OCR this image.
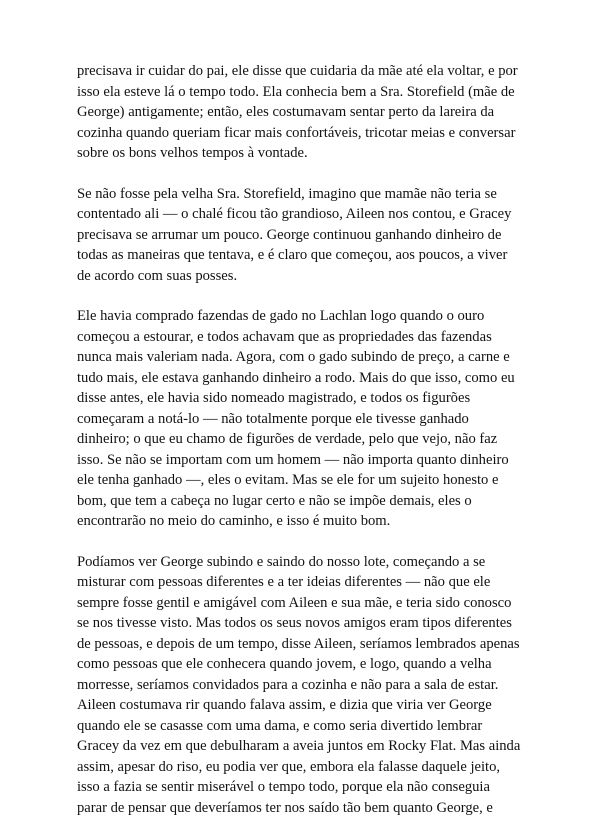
precisava ir cuidar do pai, ele disse que cuidaria da mãe até ela voltar, e por
isso ela esteve lá o tempo todo. Ela conhecia bem a Sra. Storefield (mãe de
George) antigamente; então, eles costumavam sentar perto da lareira da
cozinha quando queriam ficar mais confortáveis, tricotar meias e conversar
sobre os bons velhos tempos à vontade.

Se não fosse pela velha Sra. Storefield, imagino que mamãe não teria se
contentado ali — o chalé ficou tão grandioso, Aileen nos contou, e Gracey
precisava se arrumar um pouco. George continuou ganhando dinheiro de
todas as maneiras que tentava, e é claro que começou, aos poucos, a viver
de acordo com suas posses.

Ele havia comprado fazendas de gado no Lachlan logo quando o ouro
começou a estourar, e todos achavam que as propriedades das fazendas
nunca mais valeriam nada. Agora, com o gado subindo de preço, a carne e
tudo mais, ele estava ganhando dinheiro a rodo. Mais do que isso, como eu
disse antes, ele havia sido nomeado magistrado, e todos os figurões
começaram a notá-lo — não totalmente porque ele tivesse ganhado
dinheiro; o que eu chamo de figurões de verdade, pelo que vejo, não faz
isso. Se não se importam com um homem — não importa quanto dinheiro
ele tenha ganhado —, eles o evitam. Mas se ele for um sujeito honesto e
bom, que tem a cabeça no lugar certo e não se impõe demais, eles o
encontrarão no meio do caminho, e isso é muito bom.

Podíamos ver George subindo e saindo do nosso lote, começando a se
misturar com pessoas diferentes e a ter ideias diferentes — não que ele
sempre fosse gentil e amigável com Aileen e sua mãe, e teria sido conosco
se nos tivesse visto. Mas todos os seus novos amigos eram tipos diferentes
de pessoas, e depois de um tempo, disse Aileen, seríamos lembrados apenas
como pessoas que ele conhecera quando jovem, e logo, quando a velha
morresse, seríamos convidados para a cozinha e não para a sala de estar.
Aileen costumava rir quando falava assim, e dizia que viria ver George
quando ele se casasse com uma dama, e como seria divertido lembrar
Gracey da vez em que debulharam a aveia juntos em Rocky Flat. Mas ainda
assim, apesar do riso, eu podia ver que, embora ela falasse daquele jeito,
isso a fazia se sentir miserável o tempo todo, porque ela não conseguia
parar de pensar que deveríamos ter nos saído tão bem quanto George, e
